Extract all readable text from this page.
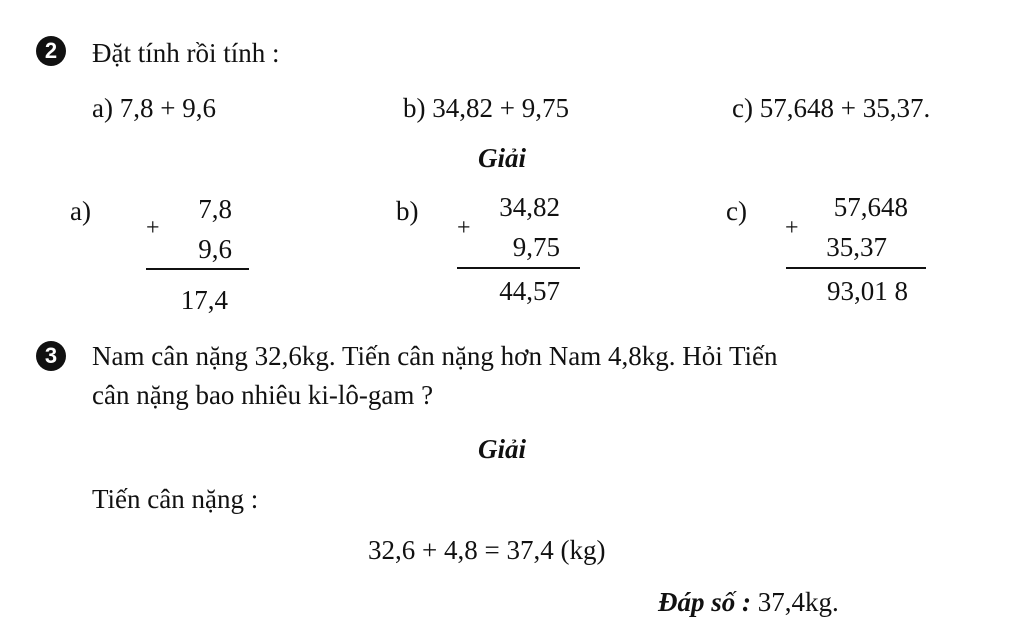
2	Đặt tính rồi tính :
a) 7,8 + 9,6	b) 34,82 + 9,75	c) 57,648 + 35,37.
Giải
a)
+
7,8
9,6
17,4
b)
+
34,82
9,75
44,57
c)
+
57,648
35,37
93,01 8
3	Nam cân nặng 32,6kg. Tiến cân nặng hơn Nam 4,8kg. Hỏi Tiến
cân nặng bao nhiêu ki-lô-gam ?
Giải
Tiến cân nặng :
32,6 + 4,8 = 37,4 (kg)
Đáp số : 37,4kg.
